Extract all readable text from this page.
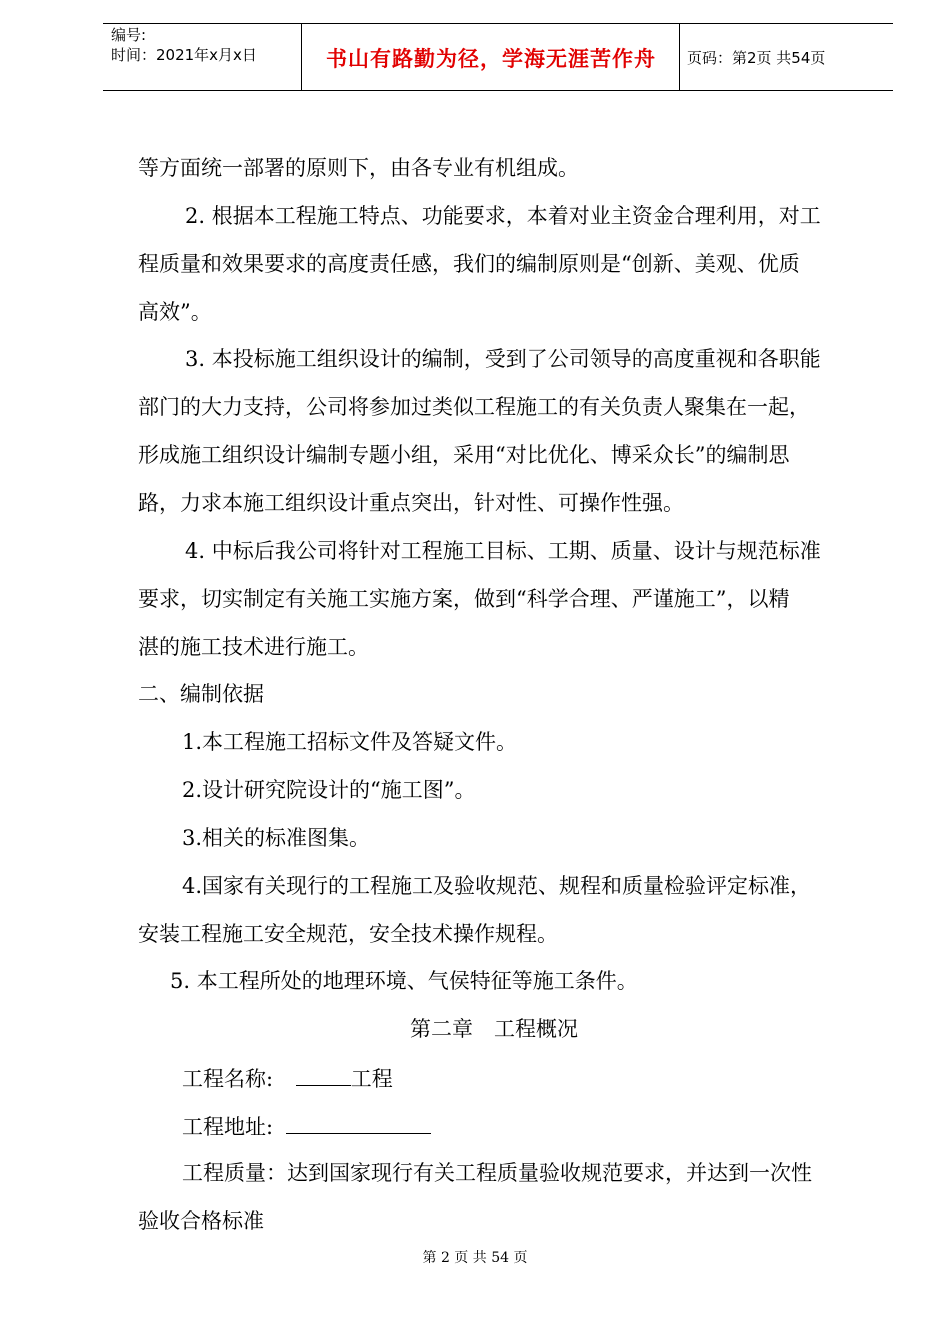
编号:
时间：2021年x月x日	书山有路勤为径，学海无涯苦作舟	页码：第2页 共54页
等方面统一部署的原则下，由各专业有机组成。
2. 根据本工程施工特点、功能要求，本着对业主资金合理利用，对工
程质量和效果要求的高度责任感，我们的编制原则是“创新、美观、优质
高效”。
3. 本投标施工组织设计的编制，受到了公司领导的高度重视和各职能
部门的大力支持，公司将参加过类似工程施工的有关负责人聚集在一起，
形成施工组织设计编制专题小组，采用“对比优化、博采众长”的编制思
路，力求本施工组织设计重点突出，针对性、可操作性强。
4. 中标后我公司将针对工程施工目标、工期、质量、设计与规范标准
要求，切实制定有关施工实施方案，做到“科学合理、严谨施工”，以精
湛的施工技术进行施工。
二、编制依据
1.本工程施工招标文件及答疑文件。
2.设计研究院设计的“施工图”。
3.相关的标准图集。
4.国家有关现行的工程施工及验收规范、规程和质量检验评定标准，
安装工程施工安全规范，安全技术操作规程。
5. 本工程所处的地理环境、气侯特征等施工条件。
第二章　工程概况
工程名称:	工程
工程地址:
工程质量：达到国家现行有关工程质量验收规范要求，并达到一次性
验收合格标准
第 2 页 共 54 页
